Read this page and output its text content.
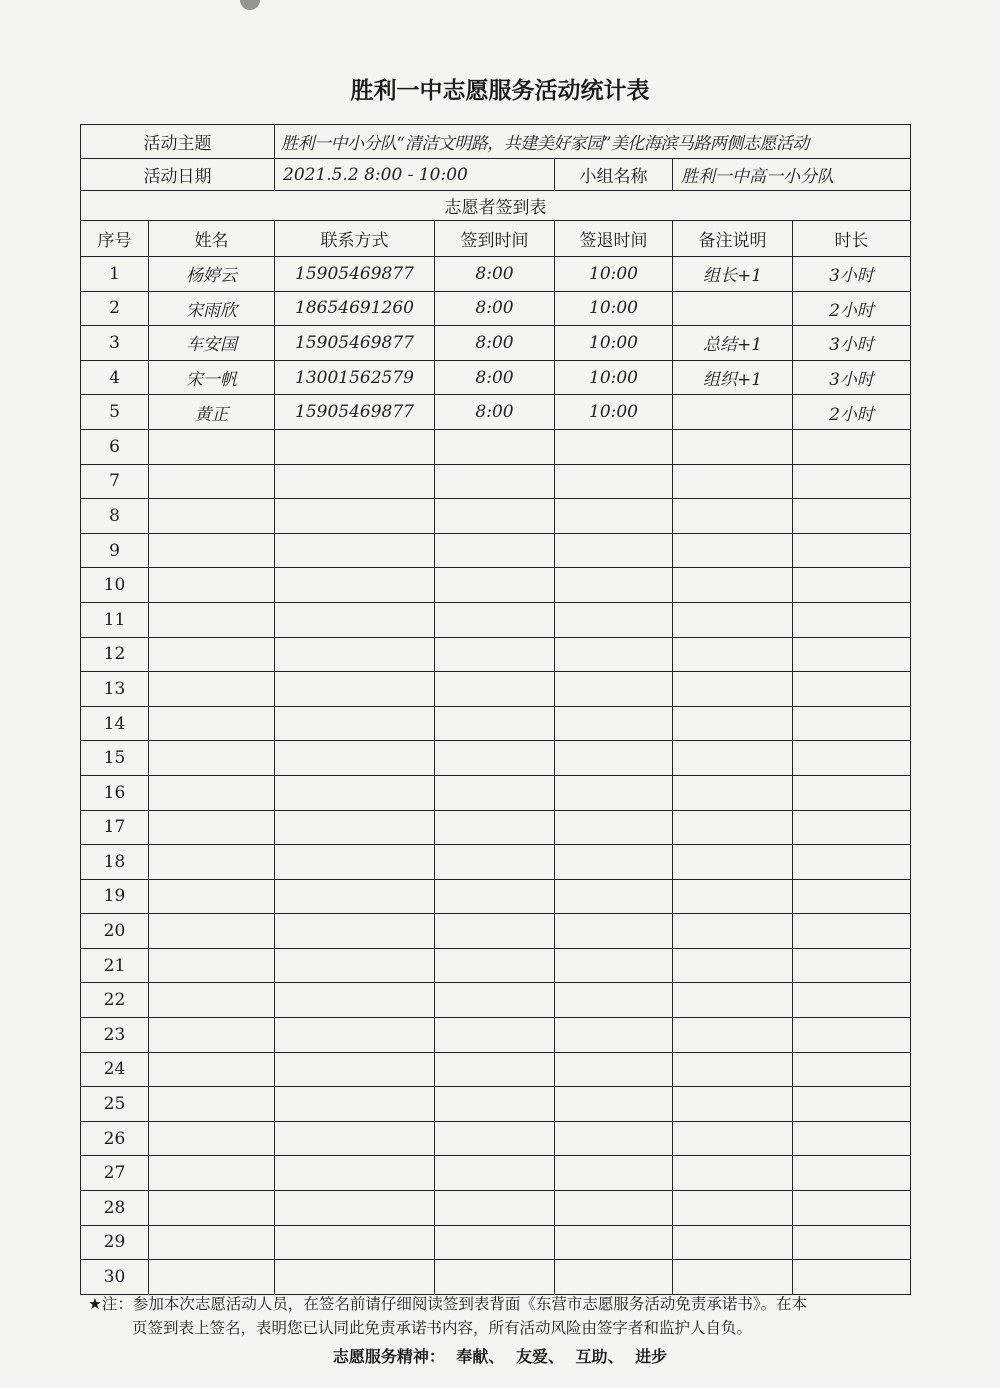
胜利一中志愿服务活动统计表
活动主题		胜利一中小分队“清洁文明路，共建美好家园”美化海滨马路两侧志愿活动				
活动日期		2021.5.2 8:00 - 10:00		小组名称	胜利一中高一小分队	
志愿者签到表						
序号	姓名	联系方式	签到时间	签退时间	备注说明	时长
1	杨婷云	15905469877	8:00	10:00	组长+1	3小时
2	宋雨欣	18654691260	8:00	10:00		2小时
3	车安国	15905469877	8:00	10:00	总结+1	3小时
4	宋一帆	13001562579	8:00	10:00	组织+1	3小时
5	黄正	15905469877	8:00	10:00		2小时
6						
7						
8						
9						
10						
11						
12						
13						
14						
15						
16						
17						
18						
19						
20						
21						
22						
23						
24						
25						
26						
27						
28						
29						
30						
★注：参加本次志愿活动人员，在签名前请仔细阅读签到表背面《东营市志愿服务活动免责承诺书》。在本
页签到表上签名，表明您已认同此免责承诺书内容，所有活动风险由签字者和监护人自负。
志愿服务精神： 奉献、 友爱、 互助、 进步
